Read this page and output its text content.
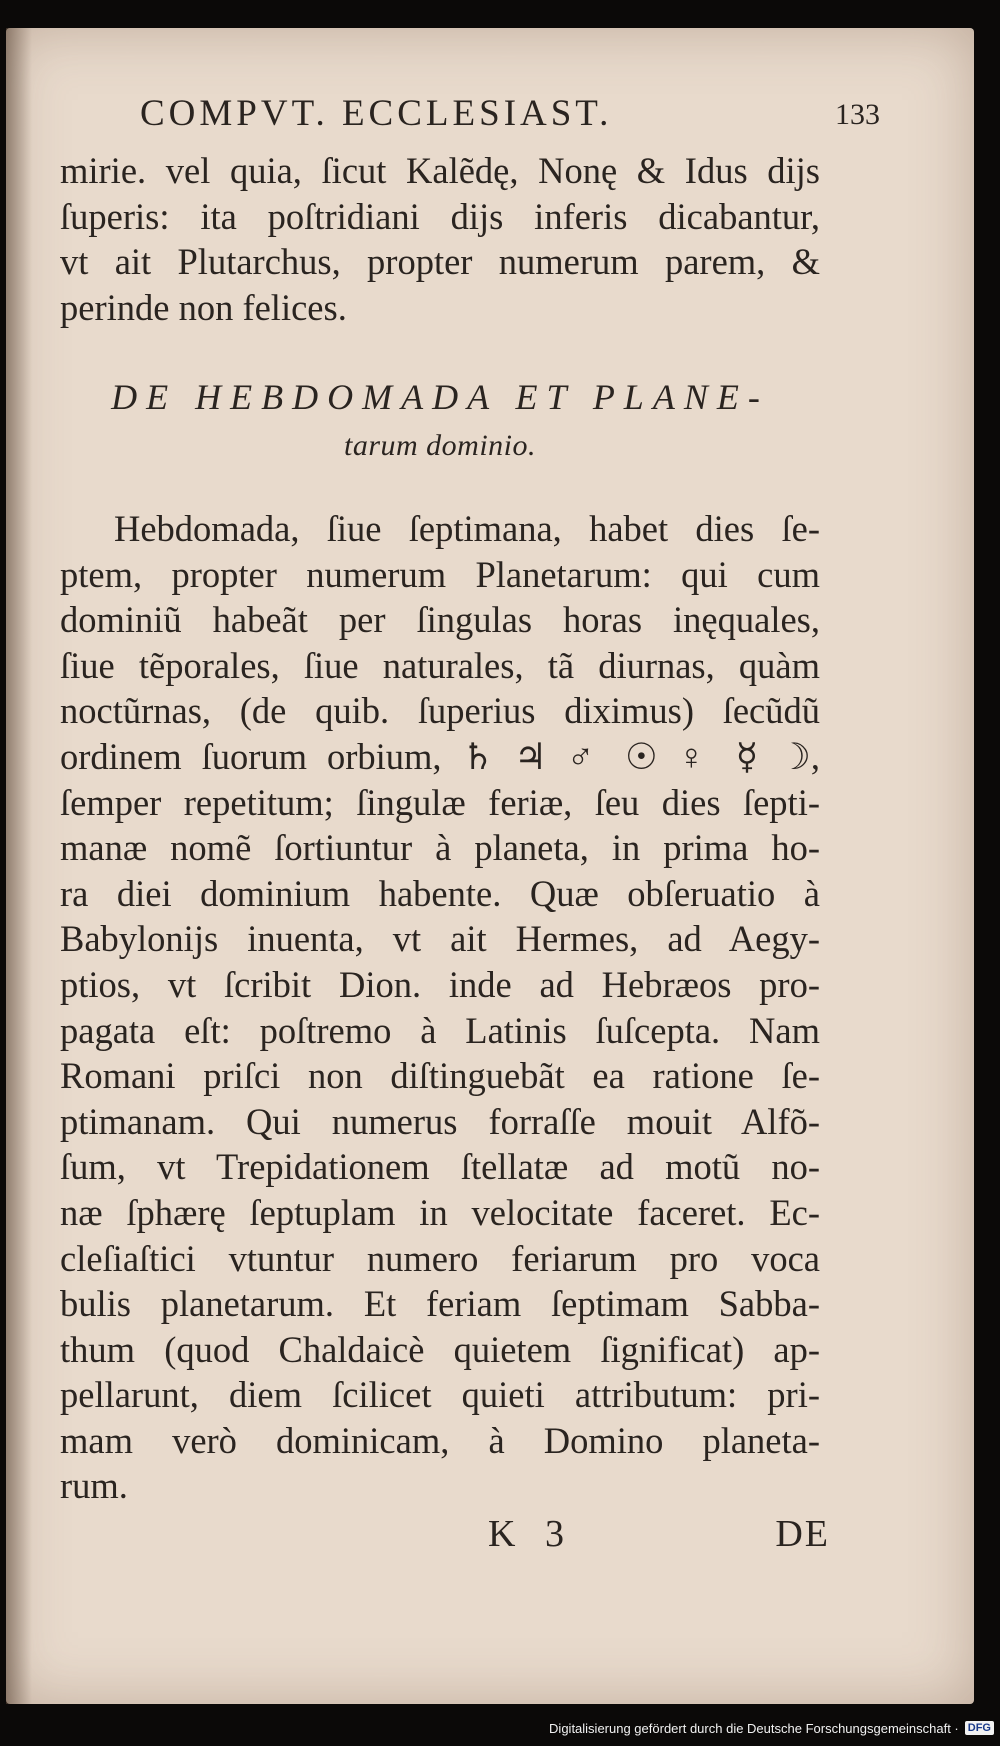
COMPVT. ECCLESIAST.	133
mirie. vel quia, ſicut Kalẽdę, Nonę & Idus dijs
ſuperis: ita poſtridiani dijs inferis dicabantur,
vt ait Plutarchus, propter numerum parem, &
perinde non felices.
DE HEBDOMADA ET PLANE-
tarum dominio.
Hebdomada, ſiue ſeptimana, habet dies ſe-
ptem, propter numerum Planetarum: qui cum
dominiũ habeãt per ſingulas horas inęquales,
ſiue tẽporales, ſiue naturales, tã diurnas, quàm
noctũrnas, (de quib. ſuperius diximus) ſecũdũ
ordinem ſuorum orbium, ♄ ♃ ♂ ☉ ♀ ☿ ☽,
ſemper repetitum; ſingulæ feriæ, ſeu dies ſepti-
manæ nomẽ ſortiuntur à planeta, in prima ho-
ra diei dominium habente. Quæ obſeruatio à
Babylonijs inuenta, vt ait Hermes, ad Aegy-
ptios, vt ſcribit Dion. inde ad Hebræos pro-
pagata eſt: poſtremo à Latinis ſuſcepta. Nam
Romani priſci non diſtinguebãt ea ratione ſe-
ptimanam. Qui numerus forraſſe mouit Alfõ-
ſum, vt Trepidationem ſtellatæ ad motũ no-
næ ſphærę ſeptuplam in velocitate faceret. Ec-
cleſiaſtici vtuntur numero feriarum pro voca
bulis planetarum. Et feriam ſeptimam Sabba-
thum (quod Chaldaicè quietem ſignificat) ap-
pellarunt, diem ſcilicet quieti attributum: pri-
mam verò dominicam, à Domino planeta-
rum.
K 3	DE
Digitalisierung gefördert durch die Deutsche Forschungsgemeinschaft · DFG
